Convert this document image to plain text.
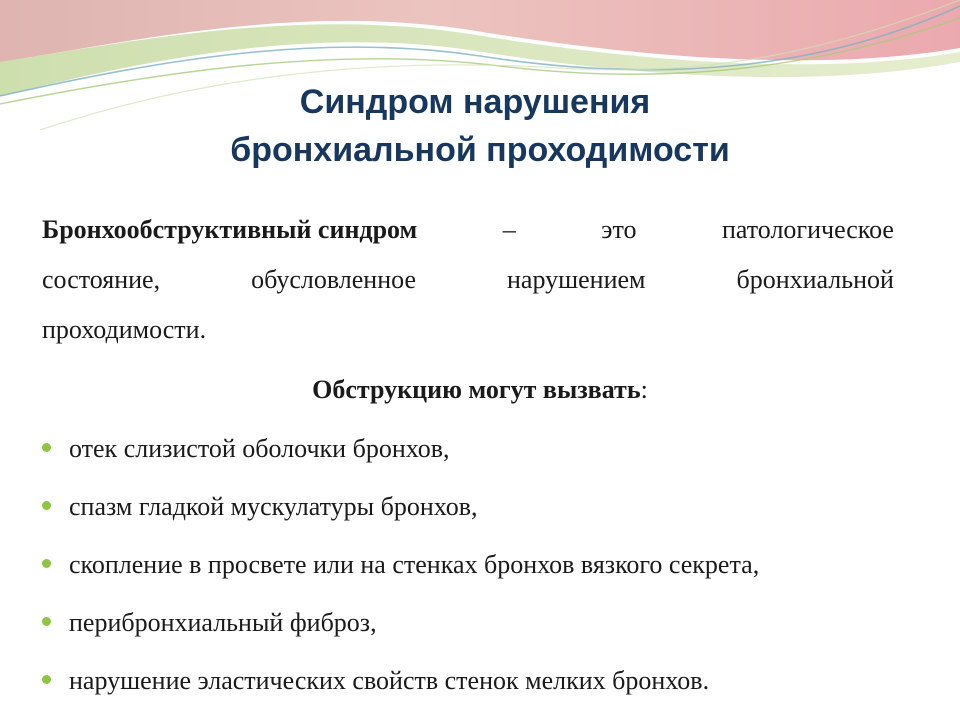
Синдром нарушения
бронхиальной проходимости
Бронхообструктивный синдром	–	это	патологическое
состояние,	обусловленное	нарушением	бронхиальной
проходимости.
Обструкцию могут вызвать:
отек слизистой оболочки бронхов,
спазм гладкой мускулатуры бронхов,
скопление в просвете или на стенках бронхов вязкого секрета,
перибронхиальный фиброз,
нарушение эластических свойств стенок мелких бронхов.
